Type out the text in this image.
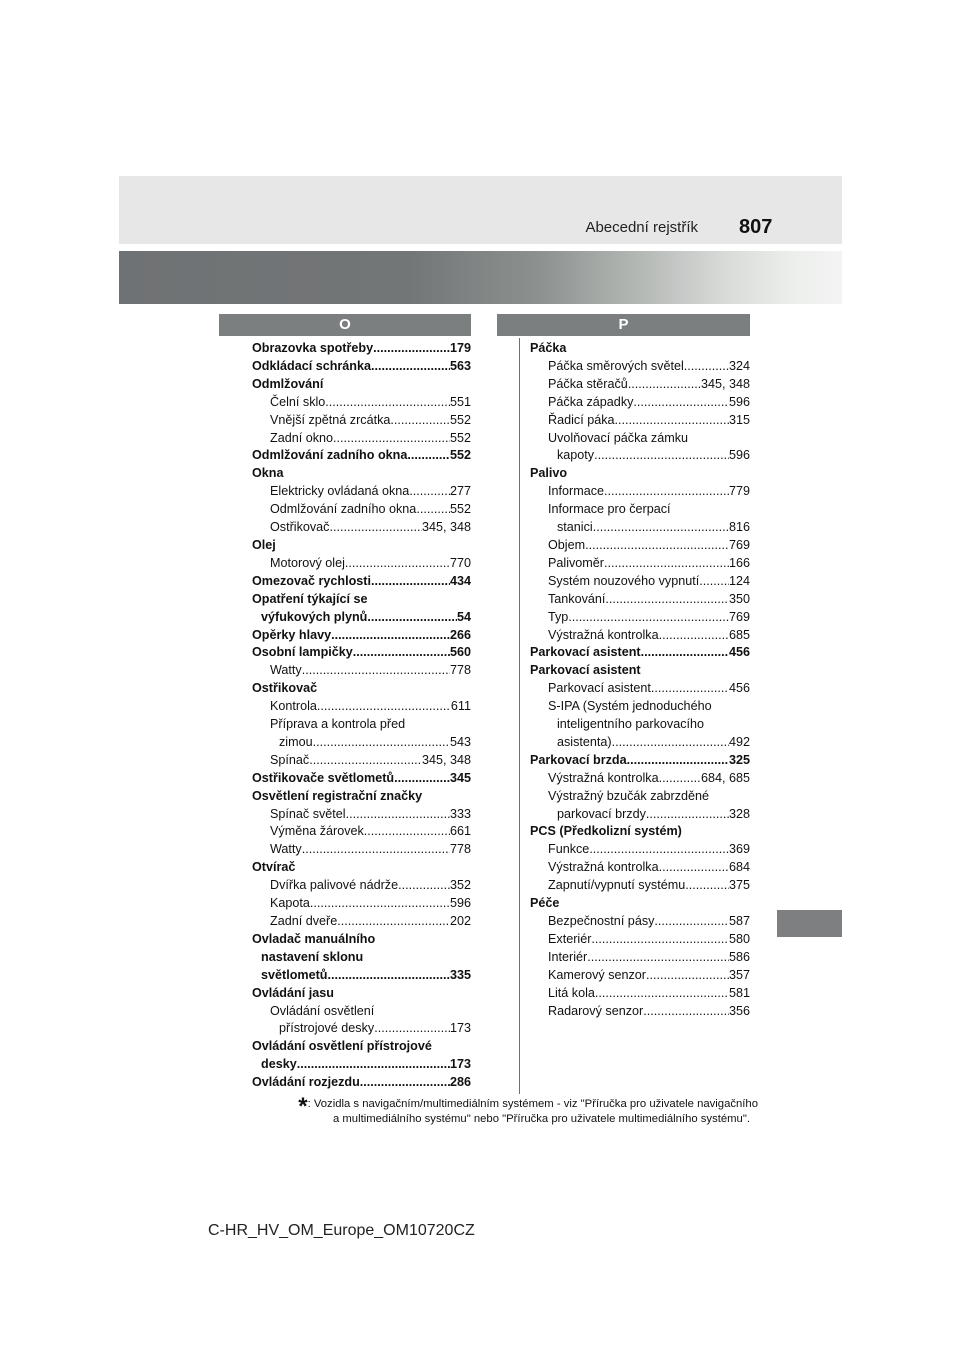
Abecední rejstřík 807
O	P
Obrazovka spotřeby .....	179
Odkládací schránka .....	563
Odmlžování
Čelní sklo .....	551
Vnější zpětná zrcátka .....	552
Zadní okno .....	552
Odmlžování zadního okna .....	552
Okna
Elektricky ovládaná okna .....	277
Odmlžování zadního okna .....	552
Ostřikovač .....	345, 348
Olej
Motorový olej .....	770
Omezovač rychlosti .....	434
Opatření týkající se
výfukových plynů .....	54
Opěrky hlavy .....	266
Osobní lampičky .....	560
Watty .....	778
Ostřikovač
Kontrola .....	611
Příprava a kontrola před
zimou .....	543
Spínač .....	345, 348
Ostřikovače světlometů .....	345
Osvětlení registrační značky
Spínač světel .....	333
Výměna žárovek .....	661
Watty .....	778
Otvírač
Dvířka palivové nádrže .....	352
Kapota .....	596
Zadní dveře .....	202
Ovladač manuálního
nastavení sklonu
světlometů .....	335
Ovládání jasu
Ovládání osvětlení
přístrojové desky .....	173
Ovládání osvětlení přístrojové
desky .....	173
Ovládání rozjezdu .....	286
Páčka
Páčka směrových světel .....	324
Páčka stěračů .....	345, 348
Páčka západky .....	596
Řadicí páka .....	315
Uvolňovací páčka zámku
kapoty .....	596
Palivo
Informace .....	779
Informace pro čerpací
stanici .....	816
Objem .....	769
Palivoměr .....	166
Systém nouzového vypnutí ..... 124
Tankování .....	350
Typ .....	769
Výstražná kontrolka .....	685
Parkovací asistent .....	456
Parkovací asistent
Parkovací asistent .....	456
S-IPA (Systém jednoduchého
inteligentního parkovacího
asistenta) .....	492
Parkovací brzda .....	325
Výstražná kontrolka .....	684, 685
Výstražný bzučák zabrzděné
parkovací brzdy .....	328
PCS (Předkolizní systém)
Funkce .....	369
Výstražná kontrolka .....	684
Zapnutí/vypnutí systému .....	375
Péče
Bezpečnostní pásy .....	587
Exteriér .....	580
Interiér .....	586
Kamerový senzor .....	357
Litá kola .....	581
Radarový senzor .....	356
*: Vozidla s navigačním/multimediálním systémem - viz "Příručka pro uživatele navigačního
a multimediálního systému" nebo "Příručka pro uživatele multimediálního systému".
C-HR_HV_OM_Europe_OM10720CZ
